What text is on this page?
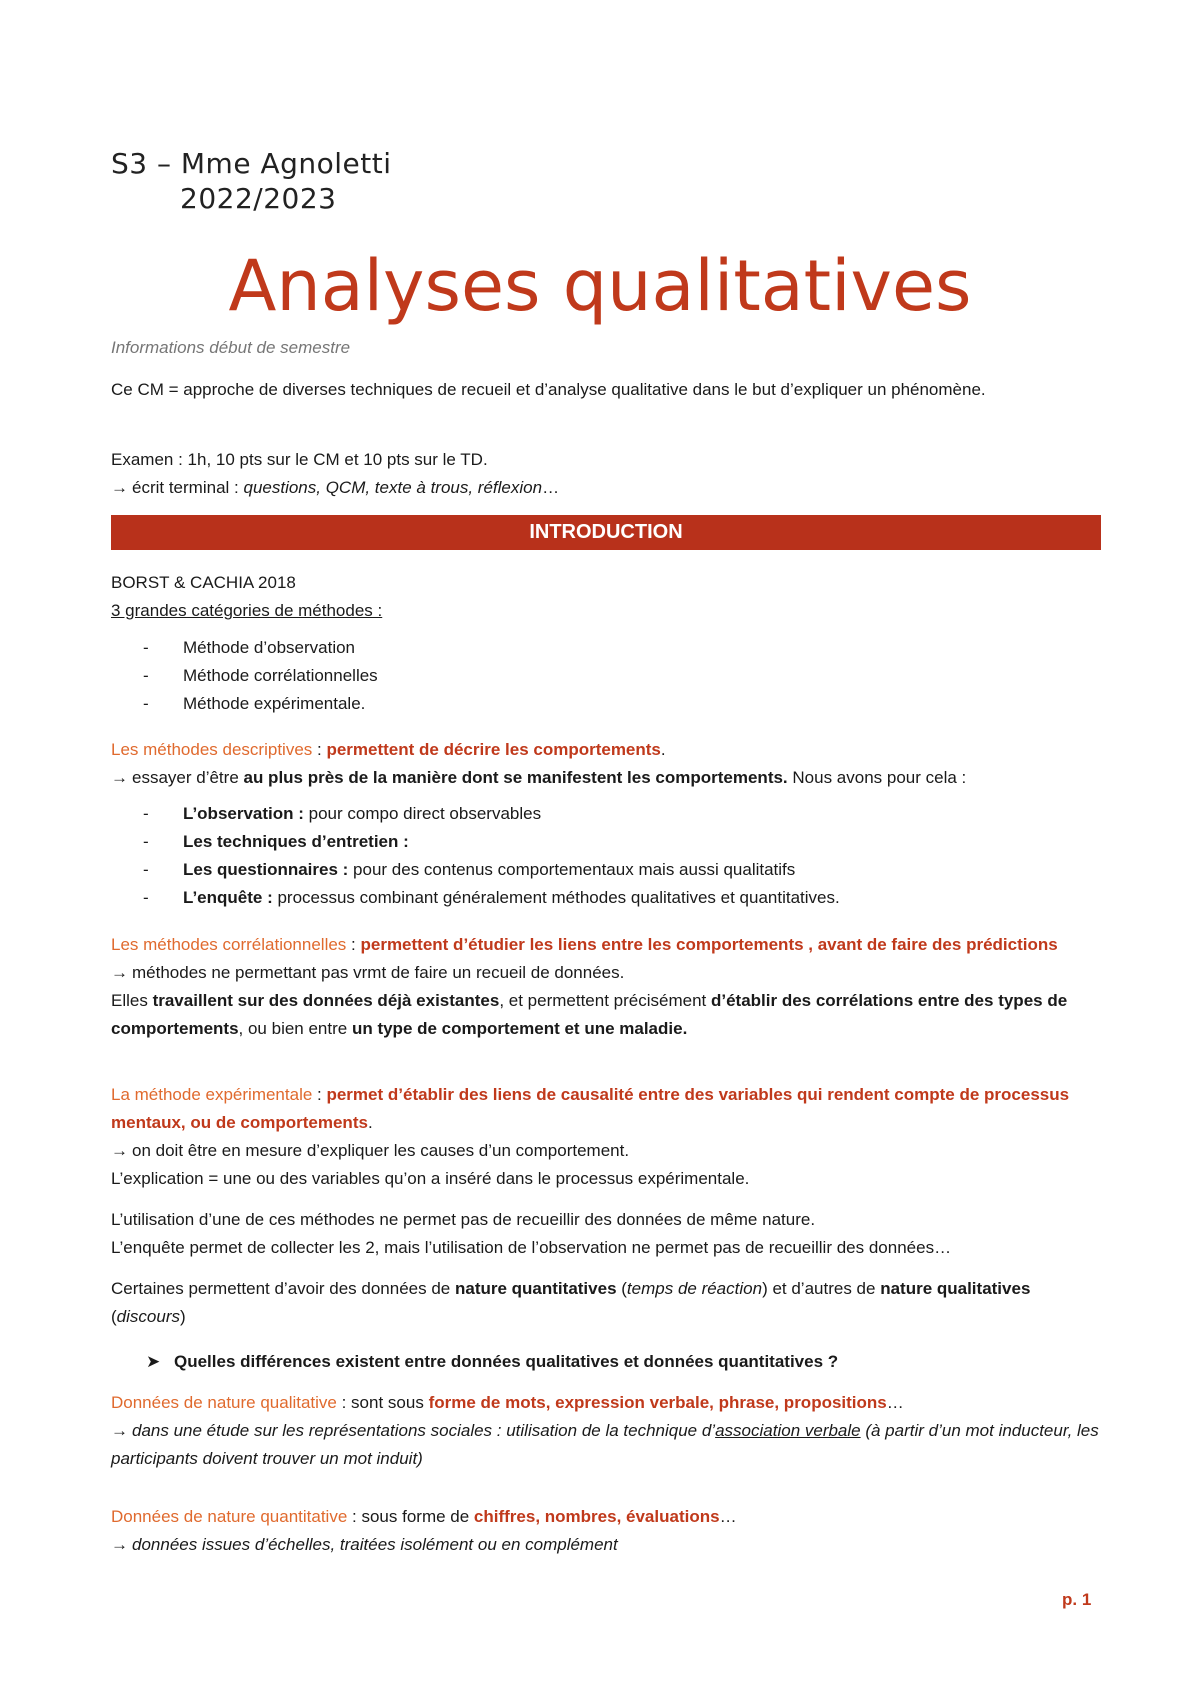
S3 – Mme Agnoletti
2022/2023
Analyses qualitatives
Informations début de semestre

Ce CM = approche de diverses techniques de recueil et d’analyse qualitative dans le but d’expliquer un phénomène.

Examen : 1h, 10 pts sur le CM et 10 pts sur le TD.

→ écrit terminal : questions, QCM, texte à trous, réflexion…

INTRODUCTION

BORST & CACHIA 2018

3 grandes catégories de méthodes :

- Méthode d’observation
- Méthode corrélationnelles
- Méthode expérimentale.

Les méthodes descriptives : permettent de décrire les comportements.

→ essayer d’être au plus près de la manière dont se manifestent les comportements. Nous avons pour cela :

- L’observation : pour compo direct observables
- Les techniques d’entretien :
- Les questionnaires : pour des contenus comportementaux mais aussi qualitatifs
- L’enquête : processus combinant généralement méthodes qualitatives et quantitatives.

Les méthodes corrélationnelles : permettent d’étudier les liens entre les comportements , avant de faire des prédictions

→ méthodes ne permettant pas vrmt de faire un recueil de données.

Elles travaillent sur des données déjà existantes, et permettent précisément d’établir des corrélations entre des types de comportements, ou bien entre un type de comportement et une maladie.

La méthode expérimentale : permet d’établir des liens de causalité entre des variables qui rendent compte de processus mentaux, ou de comportements.

→ on doit être en mesure d’expliquer les causes d’un comportement.

L’explication = une ou des variables qu’on a inséré dans le processus expérimentale.

L’utilisation d’une de ces méthodes ne permet pas de recueillir des données de même nature.

L’enquête permet de collecter les 2, mais l’utilisation de l’observation ne permet pas de recueillir des données…

Certaines permettent d’avoir des données de nature quantitatives (temps de réaction) et d’autres de nature qualitatives (discours)

➤ Quelles différences existent entre données qualitatives et données quantitatives ?

Données de nature qualitative : sont sous forme de mots, expression verbale, phrase, propositions…

→ dans une étude sur les représentations sociales : utilisation de la technique d’association verbale (à partir d’un mot inducteur, les participants doivent trouver un mot induit)

Données de nature quantitative : sous forme de chiffres, nombres, évaluations…

→ données issues d’échelles, traitées isolément ou en complément

p. 1
